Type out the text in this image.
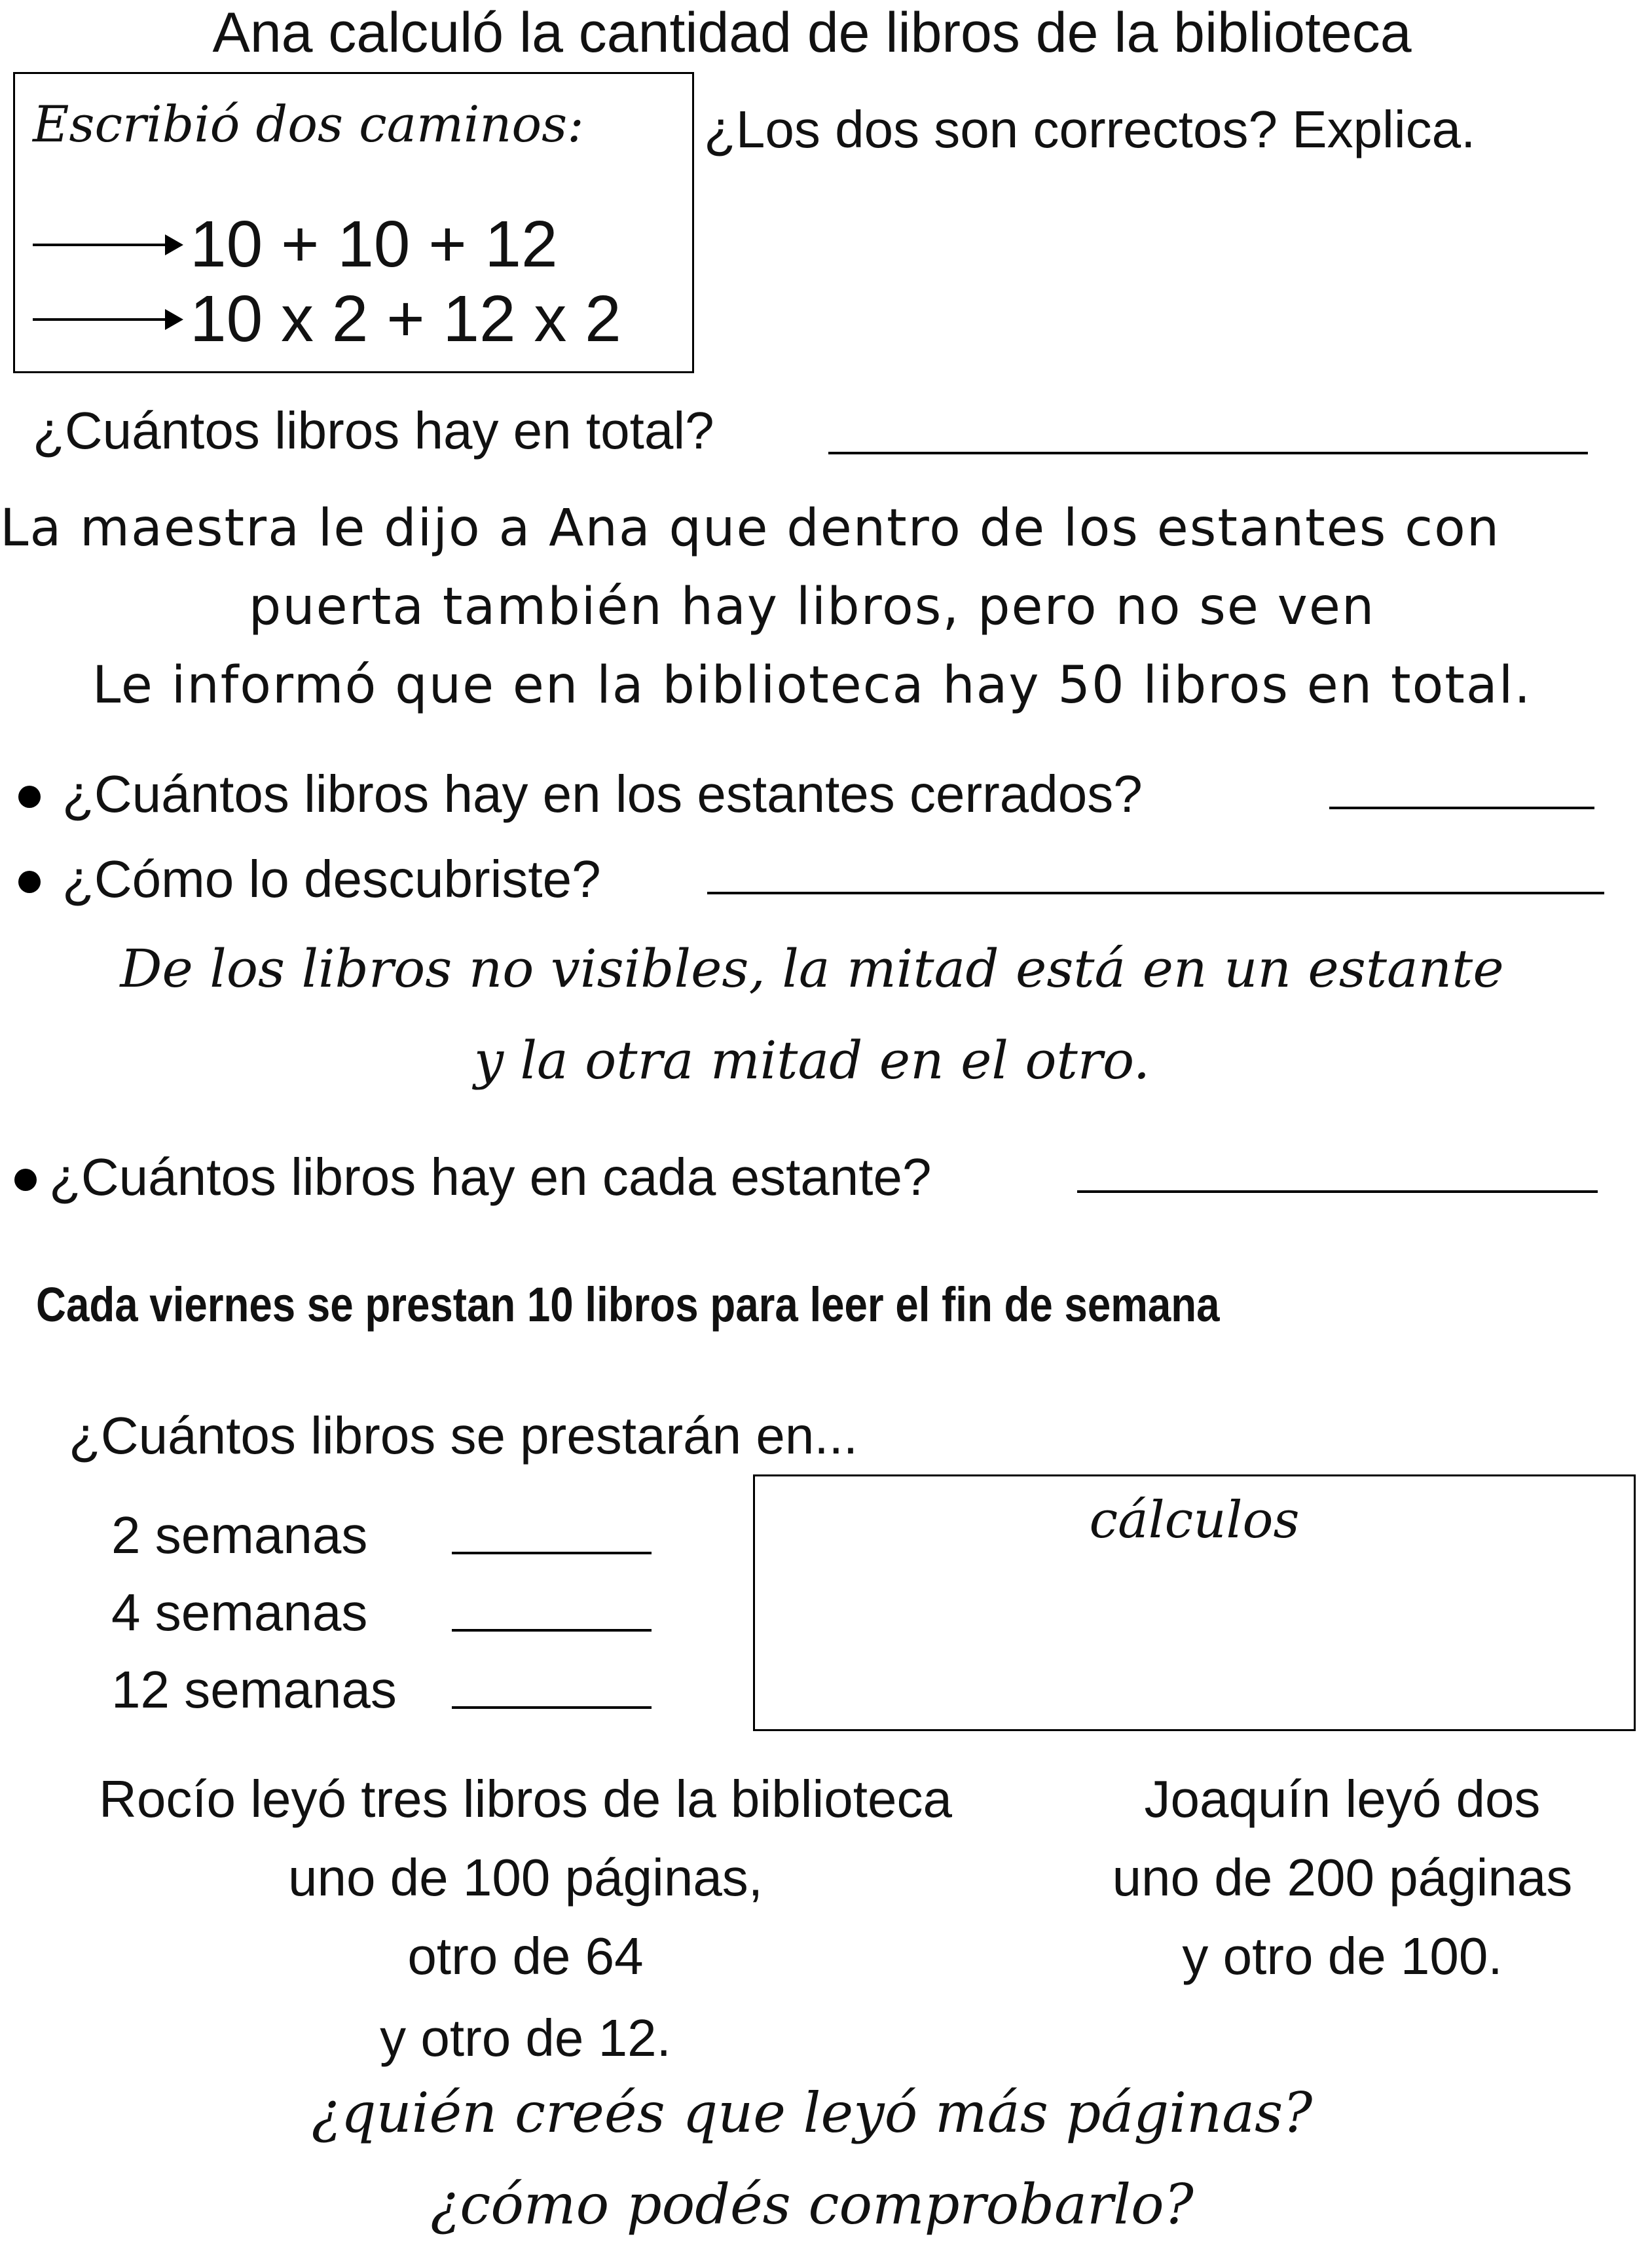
Ana calculó la cantidad de libros de la biblioteca
Escribió dos caminos:
10 + 10 + 12
10 x 2 + 12 x 2
¿Los dos son correctos? Explica.
¿Cuántos libros hay en total?
La maestra le dijo a Ana que dentro de los estantes con
puerta también hay libros, pero no se ven
Le informó que en la biblioteca hay 50 libros en total.
¿Cuántos libros hay en los estantes cerrados?
¿Cómo lo descubriste?
De los libros no visibles, la mitad está en un estante
y la otra mitad en el otro.
¿Cuántos libros hay en cada estante?
Cada viernes se prestan 10 libros para leer el fin de semana
¿Cuántos libros se prestarán en...
2 semanas
4 semanas
12 semanas
cálculos
Rocío leyó tres libros de la biblioteca
uno de 100 páginas,
otro de 64
y otro de 12.
Joaquín leyó dos
uno de 200 páginas
y otro de 100.
¿quién creés que leyó más páginas?
¿cómo podés comprobarlo?
